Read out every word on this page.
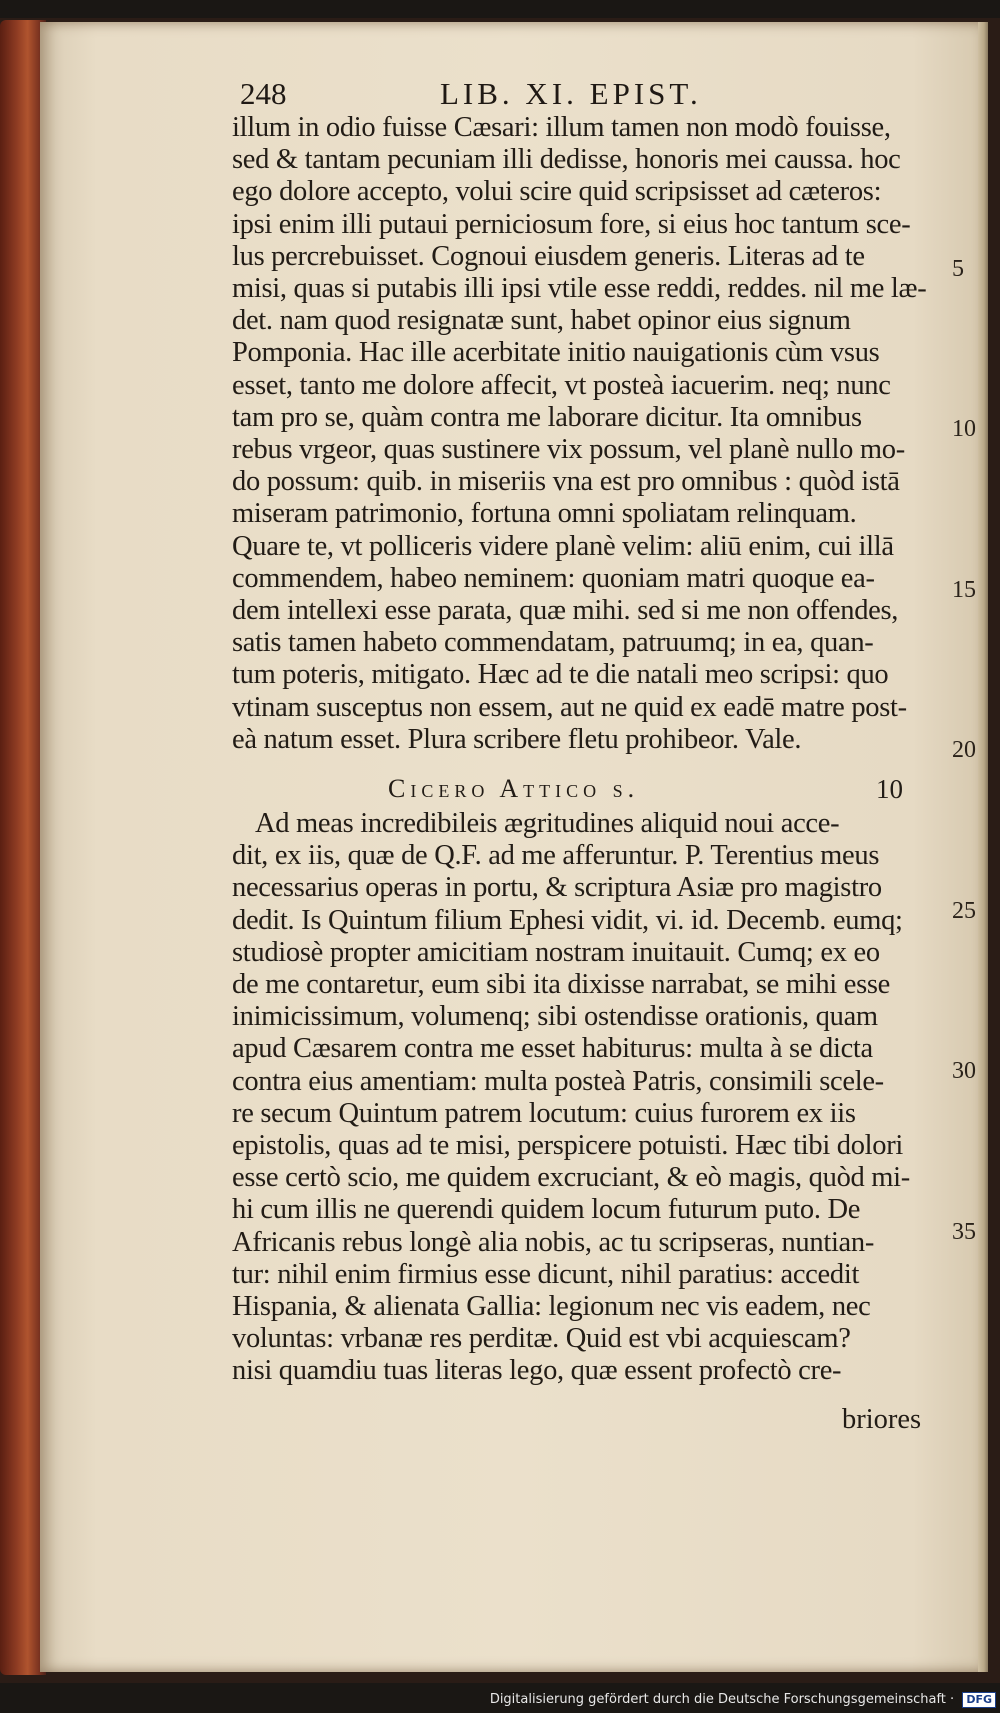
248	LIB. XI. EPIST.
illum in odio fuisse Cæsari: illum tamen non modò fouisse,
sed & tantam pecuniam illi dedisse, honoris mei caussa. hoc
ego dolore accepto, volui scire quid scripsisset ad cæteros:
ipsi enim illi putaui perniciosum fore, si eius hoc tantum sce-
lus percrebuisset. Cognoui eiusdem generis. Literas ad te
misi, quas si putabis illi ipsi vtile esse reddi, reddes. nil me læ-
det. nam quod resignatæ sunt, habet opinor eius signum
Pomponia. Hac ille acerbitate initio nauigationis cùm vsus
esset, tanto me dolore affecit, vt posteà iacuerim. neq; nunc
tam pro se, quàm contra me laborare dicitur. Ita omnibus
rebus vrgeor, quas sustinere vix possum, vel planè nullo mo-
do possum: quib. in miseriis vna est pro omnibus : quòd istā
miseram patrimonio, fortuna omni spoliatam relinquam.
Quare te, vt polliceris videre planè velim: aliū enim, cui illā
commendem, habeo neminem: quoniam matri quoque ea-
dem intellexi esse parata, quæ mihi. sed si me non offendes,
satis tamen habeto commendatam, patruumq; in ea, quan-
tum poteris, mitigato. Hæc ad te die natali meo scripsi: quo
vtinam susceptus non essem, aut ne quid ex eadē matre post-
eà natum esset. Plura scribere fletu prohibeor. Vale.
Cicero Attico s.	10
Ad meas incredibileis ægritudines aliquid noui acce-
dit, ex iis, quæ de Q.F. ad me afferuntur. P. Terentius meus
necessarius operas in portu, & scriptura Asiæ pro magistro
dedit. Is Quintum filium Ephesi vidit, vi. id. Decemb. eumq;
studiosè propter amicitiam nostram inuitauit. Cumq; ex eo
de me contaretur, eum sibi ita dixisse narrabat, se mihi esse
inimicissimum, volumenq; sibi ostendisse orationis, quam
apud Cæsarem contra me esset habiturus: multa à se dicta
contra eius amentiam: multa posteà Patris, consimili scele-
re secum Quintum patrem locutum: cuius furorem ex iis
epistolis, quas ad te misi, perspicere potuisti. Hæc tibi dolori
esse certò scio, me quidem excruciant, & eò magis, quòd mi-
hi cum illis ne querendi quidem locum futurum puto. De
Africanis rebus longè alia nobis, ac tu scripseras, nuntian-
tur: nihil enim firmius esse dicunt, nihil paratius: accedit
Hispania, & alienata Gallia: legionum nec vis eadem, nec
voluntas: vrbanæ res perditæ. Quid est vbi acquiescam?
nisi quamdiu tuas literas lego, quæ essent profectò cre-
5
10
15
20
25
30
35
briores
Digitalisierung gefördert durch die Deutsche Forschungsgemeinschaft · DFG
